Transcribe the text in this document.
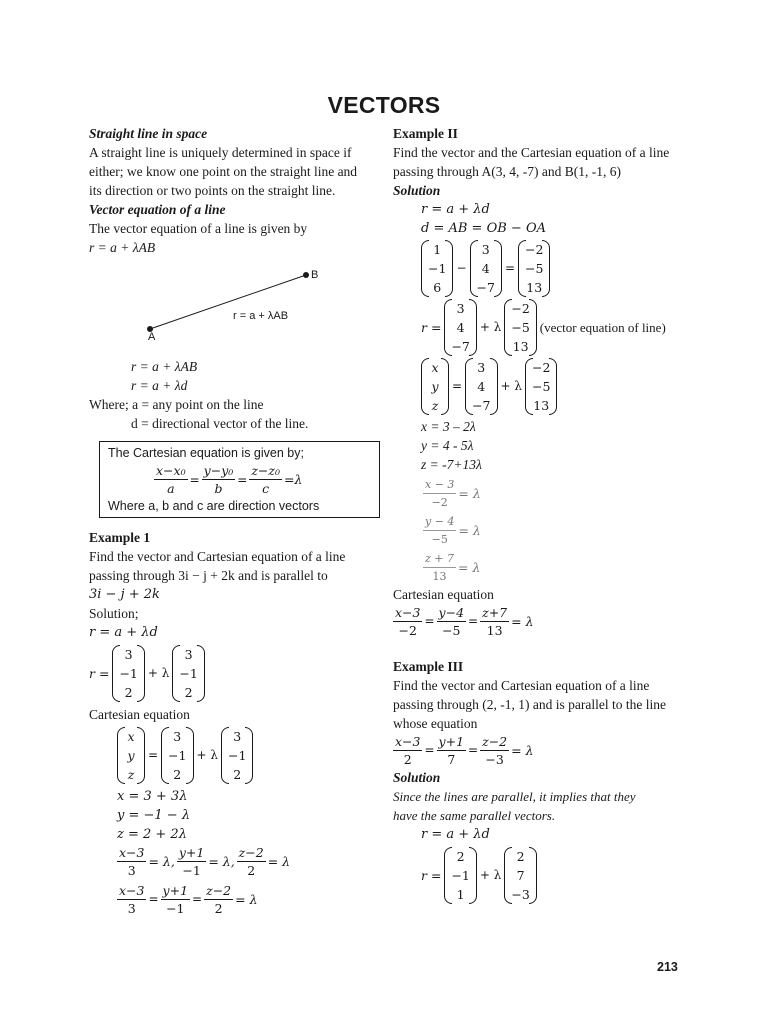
VECTORS
Straight line in space
A straight line is uniquely determined in space if
either; we know one point on the straight line and
its direction or two points on the straight line.
Vector equation of a line
The vector equation of a line is given by
r = a + λAB
B
A
r = a + λAB
r = a + λAB
r = a + λd
Where; a = any point on the line
d = directional vector of the line.
The Cartesian equation is given by;
$\frac{\text{x−x₀}}{a} = \frac{\text{y−y₀}}{b} = \frac{\text{z−z₀}}{c} =\lambda$
Where a, b and c are direction vectors
Example 1
Find the vector and Cartesian equation of a line
passing through 3i − j + 2k and is parallel to
3i − j + 2k
Solution;
r = a + λd
r =
3
−1
2
+ λ
3
−1
2
Cartesian equation
x
y
z
=
3
−1
2
+ λ
3
−1
2
x = 3 + 3λ
y = −1 − λ
z = 2 + 2λ
$\frac{x-3}{3} = \lambda$, $\frac{y+1}{-1} = \lambda$, $\frac{z-2}{2} = \lambda$
$\frac{x-3}{3} = \frac{y+1}{-1} = \frac{z-2}{2} = \lambda$
Example II
Find the vector and the Cartesian equation of a line
passing through A(3, 4, -7) and B(1, -1, 6)
Solution
r = a + λd
d = AB = OB − OA
1
−1
6
−
3
4
−7
=
−2
−5
13
r =
3
4
−7
+ λ
−2
−5
13
(vector equation of line)
x
y
z
=
3
4
−7
+ λ
−2
−5
13
x = 3 – 2λ
y = 4 - 5λ
z = -7+13λ
$\frac{x - 3}{-2} = \lambda$
$\frac{y - 4}{-5} = \lambda$
$\frac{z + 7}{13} = \lambda$
Cartesian equation
$\frac{x-3}{-2} = \frac{y-4}{-5} = \frac{z+7}{13} = \lambda$
Example III
Find the vector and Cartesian equation of a line
passing through (2, -1, 1) and is parallel to the line
whose equation
$\frac{x-3}{2} = \frac{y+1}{7} = \frac{z-2}{-3} = \lambda$
Solution
Since the lines are parallel, it implies that they
have the same parallel vectors.
r = a + λd
r =
2
−1
1
+ λ
2
7
−3
213
